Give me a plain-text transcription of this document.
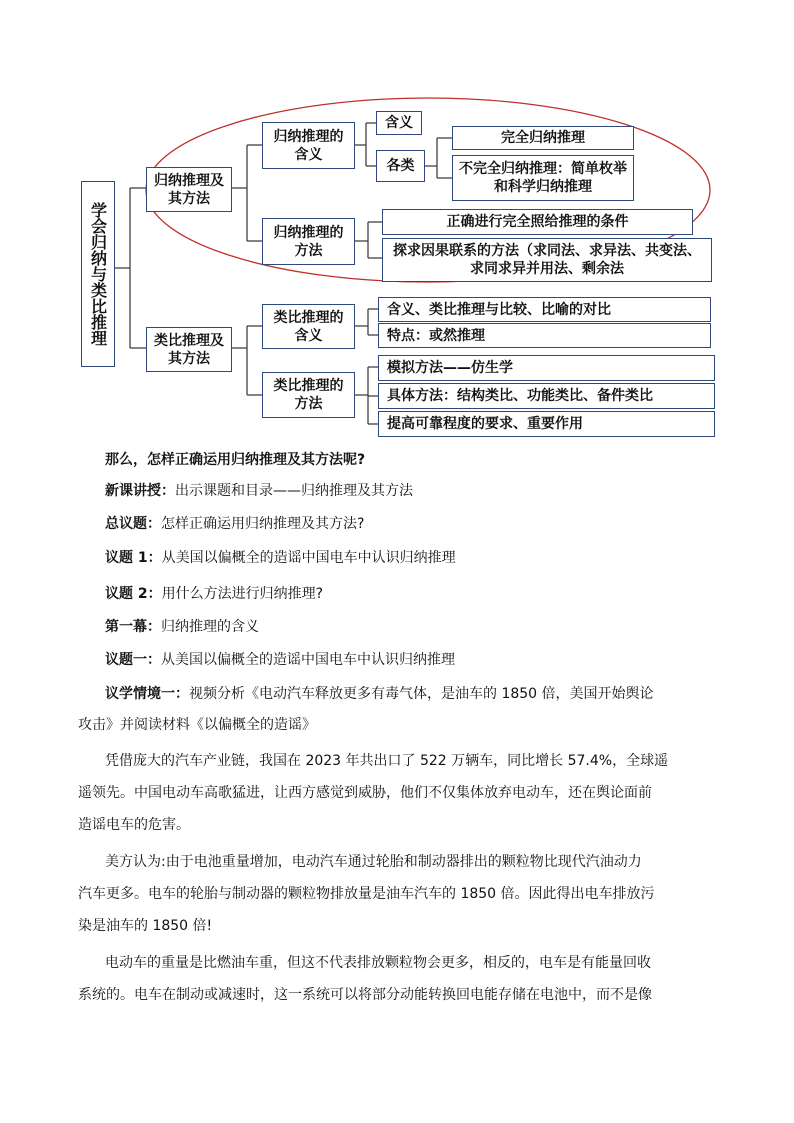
学会归纳与类比推理
归纳推理及其方法
归纳推理的含义
含义
各类
完全归纳推理
不完全归纳推理：简单枚举和科学归纳推理
归纳推理的方法
正确进行完全照给推理的条件
探求因果联系的方法（求同法、求异法、共变法、求同求异并用法、剩余法
类比推理及其方法
类比推理的含义
含义、类比推理与比较、比喻的对比
特点：或然推理
类比推理的方法
模拟方法——仿生学
具体方法：结构类比、功能类比、备件类比
提高可靠程度的要求、重要作用
那么，怎样正确运用归纳推理及其方法呢?
新课讲授：出示课题和目录——归纳推理及其方法
总议题：怎样正确运用归纳推理及其方法?
议题 1：从美国以偏概全的造谣中国电车中认识归纳推理
议题 2：用什么方法进行归纳推理?
第一幕：归纳推理的含义
议题一：从美国以偏概全的造谣中国电车中认识归纳推理
议学情境一：视频分析《电动汽车释放更多有毒气体，是油车的 1850 倍，美国开始舆论
攻击》并阅读材料《以偏概全的造谣》
凭借庞大的汽车产业链，我国在 2023 年共出口了 522 万辆车，同比增长 57.4%，全球遥
遥领先。中国电动车高歌猛进，让西方感觉到威胁，他们不仅集体放弃电动车，还在舆论面前
造谣电车的危害。
美方认为:由于电池重量增加，电动汽车通过轮胎和制动器排出的颗粒物比现代汽油动力
汽车更多。电车的轮胎与制动器的颗粒物排放量是油车汽车的 1850 倍。因此得出电车排放污
染是油车的 1850 倍!
电动车的重量是比燃油车重，但这不代表排放颗粒物会更多，相反的，电车是有能量回收
系统的。电车在制动或减速时，这一系统可以将部分动能转换回电能存储在电池中，而不是像
